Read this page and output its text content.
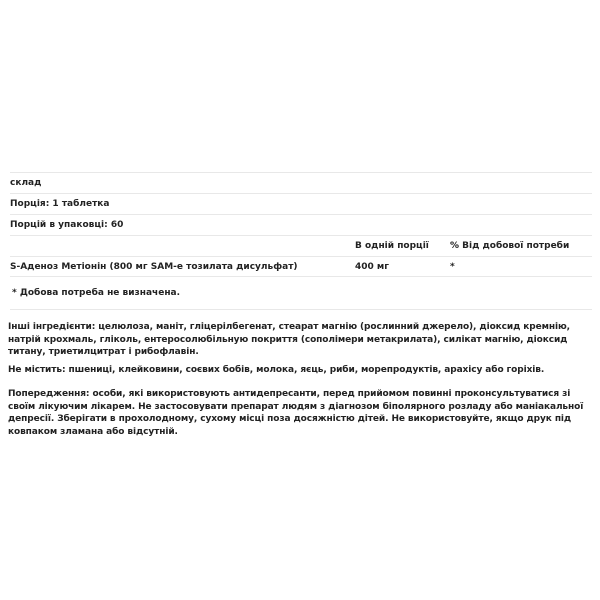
склад
Порція: 1 таблетка
Порцій в упаковці: 60
В одній порції % Від добової потреби
S-Аденоз Метіонін (800 мг SAM-е тозилата дисульфат)	400 мг	*
* Добова потреба не визначена.
Інші інгредієнти: целюлоза, маніт, гліцерілбегенат, стеарат магнію (рослинний джерело), діоксид кремнію, натрій крохмаль, гліколь, ентеросолюбільную покриття (сополімери метакрилата), силікат магнію, діоксид титану, триетилцитрат і рибофлавін.
Не містить: пшениці, клейковини, соєвих бобів, молока, яєць, риби, морепродуктів, арахісу або горіхів.
Попередження: особи, які використовують антидепресанти, перед прийомом повинні проконсультуватися зі своїм лікуючим лікарем. Не застосовувати препарат людям з діагнозом біполярного розладу або маніакальної депресії. Зберігати в прохолодному, сухому місці поза досяжністю дітей. Не використовуйте, якщо друк під ковпаком зламана або відсутній.
